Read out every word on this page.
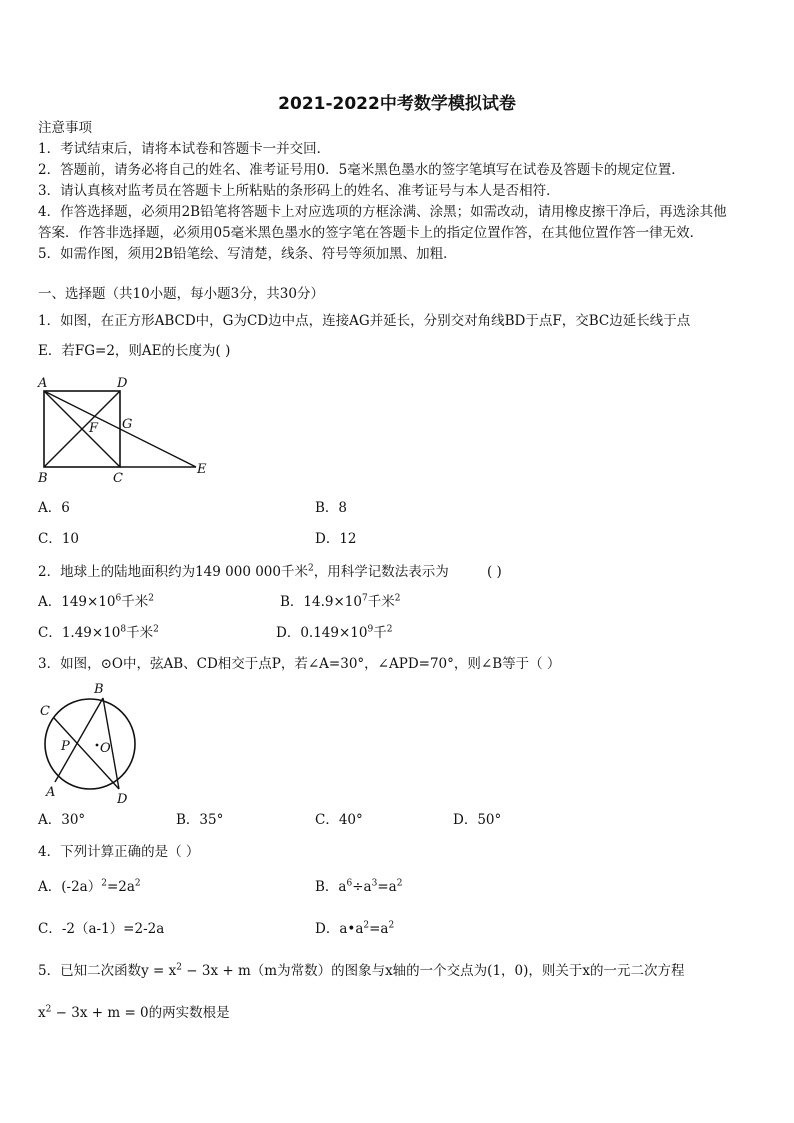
2021-2022中考数学模拟试卷
注意事项
1．考试结束后，请将本试卷和答题卡一并交回．
2．答题前，请务必将自己的姓名、准考证号用0．5毫米黑色墨水的签字笔填写在试卷及答题卡的规定位置．
3．请认真核对监考员在答题卡上所粘贴的条形码上的姓名、准考证号与本人是否相符．
4．作答选择题，必须用2B铅笔将答题卡上对应选项的方框涂满、涂黑；如需改动，请用橡皮擦干净后，再选涂其他
答案．作答非选择题，必须用05毫米黑色墨水的签字笔在答题卡上的指定位置作答，在其他位置作答一律无效．
5．如需作图，须用2B铅笔绘、写清楚，线条、符号等须加黑、加粗．
一、选择题（共10小题，每小题3分，共30分）
1．如图，在正方形ABCD中，G为CD边中点，连接AG并延长，分别交对角线BD于点F，交BC边延长线于点
E．若FG=2，则AE的长度为( )
A	D
F G
B	C
E
A．6	B．8
C．10	D．12
2．地球上的陆地面积约为149 000 000千米$^2$，用科学记数法表示为	( )
A．$149\times 10^6$千米$^2$	B．$14.9\times 10^7$千米$^2$
C．$1.49\times 10^8$千米$^2$	D．$0.149\times 10^9$千$^2$
3．如图，⊙O中，弦AB、CD相交于点P，若∠A=30°，∠APD=70°，则∠B等于（ ）
C
B
P O
A	D
A．30°	B．35°	C．40°	D．50°
4．下列计算正确的是（ ）
A．$(-2a)^2=2a^2$	B．$a^6\div a^3=a^2$
C．-2（a-1）=2-2a	D．$a•a^2=a^2$
5．已知二次函数$y = x^2 - 3x + m(m$为常数）的图象与x轴的一个交点为(1，0)，则关于x的一元二次方程
$x^2 - 3x + m = 0$的两实数根是
